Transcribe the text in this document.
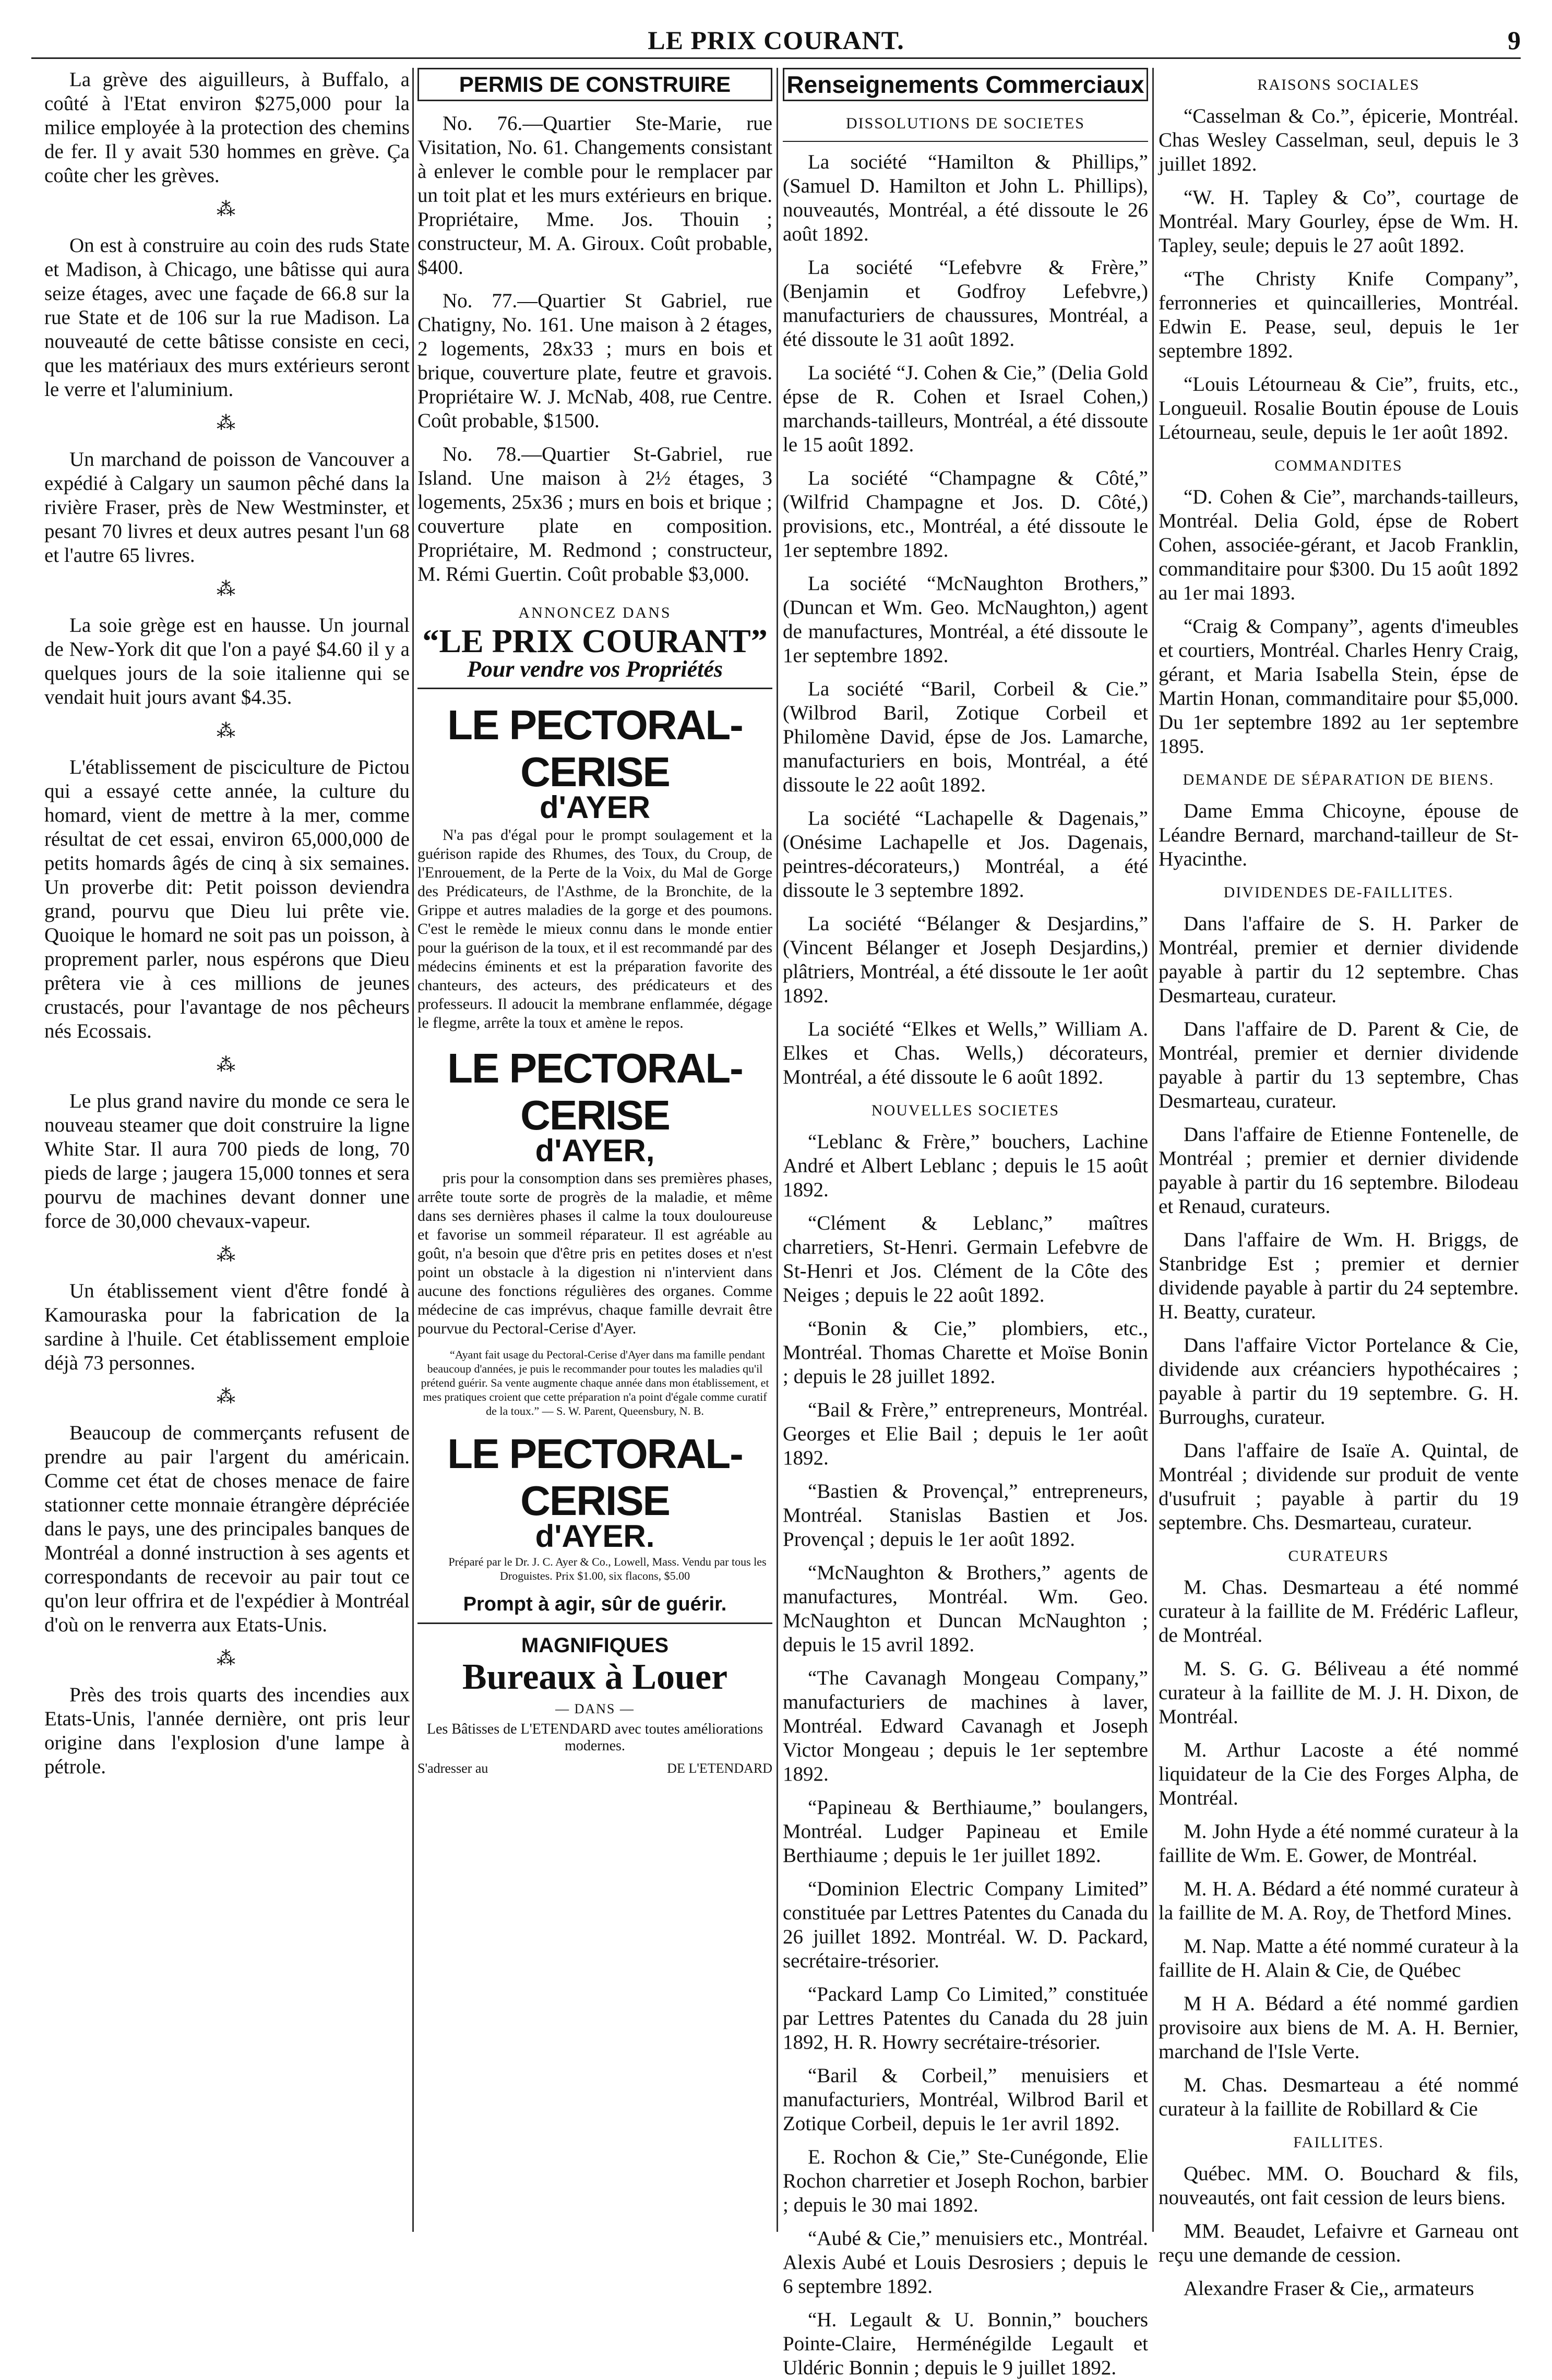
LE PRIX COURANT.	9

La grève des aiguilleurs, à Buffalo, a coûté à l'Etat environ $275,000 pour la milice employée à la protection des chemins de fer. Il y avait 530 hommes en grève. Ça coûte cher les grèves.

⁂

On est à construire au coin des ruds State et Madison, à Chicago, une bâtisse qui aura seize étages, avec une façade de 66.8 sur la rue State et de 106 sur la rue Madison. La nouveauté de cette bâtisse consiste en ceci, que les matériaux des murs extérieurs seront le verre et l'aluminium.

⁂

Un marchand de poisson de Vancouver a expédié à Calgary un saumon pêché dans la rivière Fraser, près de New Westminster, et pesant 70 livres et deux autres pesant l'un 68 et l'autre 65 livres.

⁂

La soie grège est en hausse. Un journal de New-York dit que l'on a payé $4.60 il y a quelques jours de la soie italienne qui se vendait huit jours avant $4.35.

⁂

L'établissement de pisciculture de Pictou qui a essayé cette année, la culture du homard, vient de mettre à la mer, comme résultat de cet essai, environ 65,000,000 de petits homards âgés de cinq à six semaines. Un proverbe dit: Petit poisson deviendra grand, pourvu que Dieu lui prête vie. Quoique le homard ne soit pas un poisson, à proprement parler, nous espérons que Dieu prêtera vie à ces millions de jeunes crustacés, pour l'avantage de nos pêcheurs nés Ecossais.

⁂

Le plus grand navire du monde ce sera le nouveau steamer que doit construire la ligne White Star. Il aura 700 pieds de long, 70 pieds de large ; jaugera 15,000 tonnes et sera pourvu de machines devant donner une force de 30,000 chevaux-vapeur.

⁂

Un établissement vient d'être fondé à Kamouraska pour la fabrication de la sardine à l'huile. Cet établissement emploie déjà 73 personnes.

⁂

Beaucoup de commerçants refusent de prendre au pair l'argent du américain. Comme cet état de choses menace de faire stationner cette monnaie étrangère dépréciée dans le pays, une des principales banques de Montréal a donné instruction à ses agents et correspondants de recevoir au pair tout ce qu'on leur offrira et de l'expédier à Montréal d'où on le renverra aux Etats-Unis.

⁂

Près des trois quarts des incendies aux Etats-Unis, l'année dernière, ont pris leur origine dans l'explosion d'une lampe à pétrole.

PERMIS DE CONSTRUIRE

No. 76.—Quartier Ste-Marie, rue Visitation, No. 61. Changements consistant à enlever le comble pour le remplacer par un toit plat et les murs extérieurs en brique. Propriétaire, Mme. Jos. Thouin ; constructeur, M. A. Giroux. Coût probable, $400.

No. 77.—Quartier St Gabriel, rue Chatigny, No. 161. Une maison à 2 étages, 2 logements, 28x33 ; murs en bois et brique, couverture plate, feutre et gravois. Propriétaire W. J. McNab, 408, rue Centre. Coût probable, $1500.

No. 78.—Quartier St-Gabriel, rue Island. Une maison à 2½ étages, 3 logements, 25x36 ; murs en bois et brique ; couverture plate en composition. Propriétaire, M. Redmond ; constructeur, M. Rémi Guertin. Coût probable $3,000.

ANNONCEZ DANS
“LE PRIX COURANT”
Pour vendre vos Propriétés
LE PECTORAL-CERISE
d'AYER

N'a pas d'égal pour le prompt soulagement et la guérison rapide des Rhumes, des Toux, du Croup, de l'Enrouement, de la Perte de la Voix, du Mal de Gorge des Prédicateurs, de l'Asthme, de la Bronchite, de la Grippe et autres maladies de la gorge et des poumons. C'est le remède le mieux connu dans le monde entier pour la guérison de la toux, et il est recommandé par des médecins éminents et est la préparation favorite des chanteurs, des acteurs, des prédicateurs et des professeurs. Il adoucit la membrane enflammée, dégage le flegme, arrête la toux et amène le repos.

LE PECTORAL-CERISE
d'AYER,

pris pour la consomption dans ses premières phases, arrête toute sorte de progrès de la maladie, et même dans ses dernières phases il calme la toux douloureuse et favorise un sommeil réparateur. Il est agréable au goût, n'a besoin que d'être pris en petites doses et n'est point un obstacle à la digestion ni n'intervient dans aucune des fonctions régulières des organes. Comme médecine de cas imprévus, chaque famille devrait être pourvue du Pectoral-Cerise d'Ayer.

“Ayant fait usage du Pectoral-Cerise d'Ayer dans ma famille pendant beaucoup d'années, je puis le recommander pour toutes les maladies qu'il prétend guérir. Sa vente augmente chaque année dans mon établissement, et mes pratiques croient que cette préparation n'a point d'égale comme curatif de la toux.” — S. W. Parent, Queensbury, N. B.

LE PECTORAL-CERISE
d'AYER.

Préparé par le Dr. J. C. Ayer & Co., Lowell, Mass. Vendu par tous les Droguistes. Prix $1.00, six flacons, $5.00

Prompt à agir, sûr de guérir.
MAGNIFIQUES
Bureaux à Louer
— DANS —
Les Bâtisses de L'ETENDARD avec toutes améliorations modernes.
S'adresser au	DE L'ETENDARD
Renseignements Commerciaux
DISSOLUTIONS DE SOCIETES

La société “Hamilton & Phillips,” (Samuel D. Hamilton et John L. Phillips), nouveautés, Montréal, a été dissoute le 26 août 1892.

La société “Lefebvre & Frère,” (Benjamin et Godfroy Lefebvre,) manufacturiers de chaussures, Montréal, a été dissoute le 31 août 1892.

La société “J. Cohen & Cie,” (Delia Gold épse de R. Cohen et Israel Cohen,) marchands-tailleurs, Montréal, a été dissoute le 15 août 1892.

La société “Champagne & Côté,” (Wilfrid Champagne et Jos. D. Côté,) provisions, etc., Montréal, a été dissoute le 1er septembre 1892.

La société “McNaughton Brothers,” (Duncan et Wm. Geo. McNaughton,) agent de manufactures, Montréal, a été dissoute le 1er septembre 1892.

La société “Baril, Corbeil & Cie.” (Wilbrod Baril, Zotique Corbeil et Philomène David, épse de Jos. Lamarche, manufacturiers en bois, Montréal, a été dissoute le 22 août 1892.

La société “Lachapelle & Dagenais,” (Onésime Lachapelle et Jos. Dagenais, peintres-décorateurs,) Montréal, a été dissoute le 3 septembre 1892.

La société “Bélanger & Desjardins,” (Vincent Bélanger et Joseph Desjardins,) plâtriers, Montréal, a été dissoute le 1er août 1892.

La société “Elkes et Wells,” William A. Elkes et Chas. Wells,) décorateurs, Montréal, a été dissoute le 6 août 1892.

NOUVELLES SOCIETES

“Leblanc & Frère,” bouchers, Lachine André et Albert Leblanc ; depuis le 15 août 1892.

“Clément & Leblanc,” maîtres charretiers, St-Henri. Germain Lefebvre de St-Henri et Jos. Clément de la Côte des Neiges ; depuis le 22 août 1892.

“Bonin & Cie,” plombiers, etc., Montréal. Thomas Charette et Moïse Bonin ; depuis le 28 juillet 1892.

“Bail & Frère,” entrepreneurs, Montréal. Georges et Elie Bail ; depuis le 1er août 1892.

“Bastien & Provençal,” entrepreneurs, Montréal. Stanislas Bastien et Jos. Provençal ; depuis le 1er août 1892.

“McNaughton & Brothers,” agents de manufactures, Montréal. Wm. Geo. McNaughton et Duncan McNaughton ; depuis le 15 avril 1892.

“The Cavanagh Mongeau Company,” manufacturiers de machines à laver, Montréal. Edward Cavanagh et Joseph Victor Mongeau ; depuis le 1er septembre 1892.

“Papineau & Berthiaume,” boulangers, Montréal. Ludger Papineau et Emile Berthiaume ; depuis le 1er juillet 1892.

“Dominion Electric Company Limited” constituée par Lettres Patentes du Canada du 26 juillet 1892. Montréal. W. D. Packard, secrétaire-trésorier.

“Packard Lamp Co Limited,” constituée par Lettres Patentes du Canada du 28 juin 1892, H. R. Howry secrétaire-trésorier.

“Baril & Corbeil,” menuisiers et manufacturiers, Montréal, Wilbrod Baril et Zotique Corbeil, depuis le 1er avril 1892.

E. Rochon & Cie,” Ste-Cunégonde, Elie Rochon charretier et Joseph Rochon, barbier ; depuis le 30 mai 1892.

“Aubé & Cie,” menuisiers etc., Montréal. Alexis Aubé et Louis Desrosiers ; depuis le 6 septembre 1892.

“H. Legault & U. Bonnin,” bouchers Pointe-Claire, Herménégilde Legault et Uldéric Bonnin ; depuis le 9 juillet 1892.

RAISONS SOCIALES

“Casselman & Co.”, épicerie, Montréal. Chas Wesley Casselman, seul, depuis le 3 juillet 1892.

“W. H. Tapley & Co”, courtage de Montréal. Mary Gourley, épse de Wm. H. Tapley, seule; depuis le 27 août 1892.

“The Christy Knife Company”, ferronneries et quincailleries, Montréal. Edwin E. Pease, seul, depuis le 1er septembre 1892.

“Louis Létourneau & Cie”, fruits, etc., Longueuil. Rosalie Boutin épouse de Louis Létourneau, seule, depuis le 1er août 1892.

COMMANDITES

“D. Cohen & Cie”, marchands-tailleurs, Montréal. Delia Gold, épse de Robert Cohen, associée-gérant, et Jacob Franklin, commanditaire pour $300. Du 15 août 1892 au 1er mai 1893.

“Craig & Company”, agents d'imeubles et courtiers, Montréal. Charles Henry Craig, gérant, et Maria Isabella Stein, épse de Martin Honan, commanditaire pour $5,000. Du 1er septembre 1892 au 1er septembre 1895.

DEMANDE DE SÉPARATION DE BIENS.

Dame Emma Chicoyne, épouse de Léandre Bernard, marchand-tailleur de St-Hyacinthe.

DIVIDENDES DE-FAILLITES.

Dans l'affaire de S. H. Parker de Montréal, premier et dernier dividende payable à partir du 12 septembre. Chas Desmarteau, curateur.

Dans l'affaire de D. Parent & Cie, de Montréal, premier et dernier dividende payable à partir du 13 septembre, Chas Desmarteau, curateur.

Dans l'affaire de Etienne Fontenelle, de Montréal ; premier et dernier dividende payable à partir du 16 septembre. Bilodeau et Renaud, curateurs.

Dans l'affaire de Wm. H. Briggs, de Stanbridge Est ; premier et dernier dividende payable à partir du 24 septembre. H. Beatty, curateur.

Dans l'affaire Victor Portelance & Cie, dividende aux créanciers hypothécaires ; payable à partir du 19 septembre. G. H. Burroughs, curateur.

Dans l'affaire de Isaïe A. Quintal, de Montréal ; dividende sur produit de vente d'usufruit ; payable à partir du 19 septembre. Chs. Desmarteau, curateur.

CURATEURS

M. Chas. Desmarteau a été nommé curateur à la faillite de M. Frédéric Lafleur, de Montréal.

M. S. G. G. Béliveau a été nommé curateur à la faillite de M. J. H. Dixon, de Montréal.

M. Arthur Lacoste a été nommé liquidateur de la Cie des Forges Alpha, de Montréal.

M. John Hyde a été nommé curateur à la faillite de Wm. E. Gower, de Montréal.

M. H. A. Bédard a été nommé curateur à la faillite de M. A. Roy, de Thetford Mines.

M. Nap. Matte a été nommé curateur à la faillite de H. Alain & Cie, de Québec

M H A. Bédard a été nommé gardien provisoire aux biens de M. A. H. Bernier, marchand de l'Isle Verte.

M. Chas. Desmarteau a été nommé curateur à la faillite de Robillard & Cie

FAILLITES.

Québec. MM. O. Bouchard & fils, nouveautés, ont fait cession de leurs biens.

MM. Beaudet, Lefaivre et Garneau ont reçu une demande de cession.

Alexandre Fraser & Cie,, armateurs
